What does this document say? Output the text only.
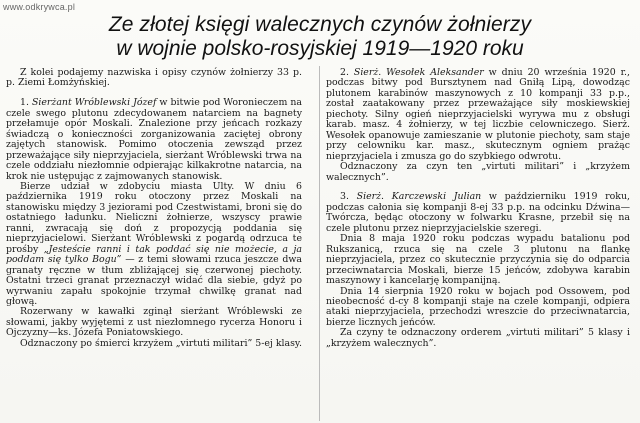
www.odkrywca.pl
Ze złotej księgi walecznych czynów żołnierzy
w wojnie polsko-rosyjskiej 1919—1920 roku

Z kolei podajemy nazwiska i opisy czynów żołnierzy 33 p. p. Ziemi Łomżyńskiej.

1. Sierżant Wróblewski Józef w bitwie pod Woronieczem na czele swego plutonu zdecydowanem natarciem na bagnety przełamuje opór Moskali. Znalezione przy jeńcach rozkazy świadczą o konieczności zorganizowania zaciętej obrony zajętych stanowisk. Pomimo otoczenia zewsząd przez przeważające siły nieprzyjaciela, sierżant Wróblewski trwa na czele oddziału niezłomnie odpierając kilkakrotne natarcia, na krok nie ustępując z zajmowanych stanowisk.

Bierze udział w zdobyciu miasta Ulty. W dniu 6 października 1919 roku otoczony przez Moskali na stanowisku między 3 jeziorami pod Czestwistami, broni się do ostatniego ładunku. Nieliczni żołnierze, wszyscy prawie ranni, zwracają się doń z propozycją poddania się nieprzyjacielowi. Sierżant Wróblewski z pogardą odrzuca te prośby „Jesteście ranni i tak poddać się nie możecie, a ja poddam się tylko Bogu” — z temi słowami rzuca jeszcze dwa granaty ręczne w tłum zbliżającej się czerwonej piechoty. Ostatni trzeci granat przeznaczył widać dla siebie, gdyż po wyrwaniu zapału spokojnie trzymał chwilkę granat nad głową.

Rozerwany w kawałki zginął sierżant Wróblewski ze słowami, jakby wyjętemi z ust niezłomnego rycerza Honoru i Ojczyzny—ks. Józefa Poniatowskiego.

Odznaczony po śmierci krzyżem „virtuti militari” 5-ej klasy.

2. Sierż. Wesołek Aleksander w dniu 20 września 1920 r., podczas bitwy pod Bursztynem nad Gniłą Lipą, dowodząc plutonem karabinów maszynowych z 10 kompanji 33 p.p., został zaatakowany przez przeważające siły moskiewskiej piechoty. Silny ogień nieprzyjacielski wyrywa mu z obsługi karab. masz. 4 żołnierzy, w tej liczbie celowniczego. Sierż. Wesołek opanowuje zamieszanie w plutonie piechoty, sam staje przy celowniku kar. masz., skutecznym ogniem prażąc nieprzyjaciela i zmusza go do szybkiego odwrotu.

Odznaczony za czyn ten „virtuti militari” i „krzyżem walecznych”.

3. Sierż. Karczewski Julian w październiku 1919 roku, podczas całonia się kompanji 8-ej 33 p.p. na odcinku Dźwina—Twórcza, będąc otoczony w folwarku Krasne, przebił się na czele plutonu przez nieprzyjacielskie szeregi.

Dnia 8 maja 1920 roku podczas wypadu batalionu pod Rukszanicą, rzuca się na czele 3 plutonu na flankę nieprzyjaciela, przez co skutecznie przyczynia się do odparcia przeciwnatarcia Moskali, bierze 15 jeńców, zdobywa karabin maszynowy i kancelarję kompanijną.

Dnia 14 sierpnia 1920 roku w bojach pod Ossowem, pod nieobecność d-cy 8 kompanji staje na czele kompanji, odpiera ataki nieprzyjaciela, przechodzi wreszcie do przeciwnatarcia, bierze licznych jeńców.

Za czyny te odznaczony orderem „virtuti militari” 5 klasy i „krzyżem walecznych”.
